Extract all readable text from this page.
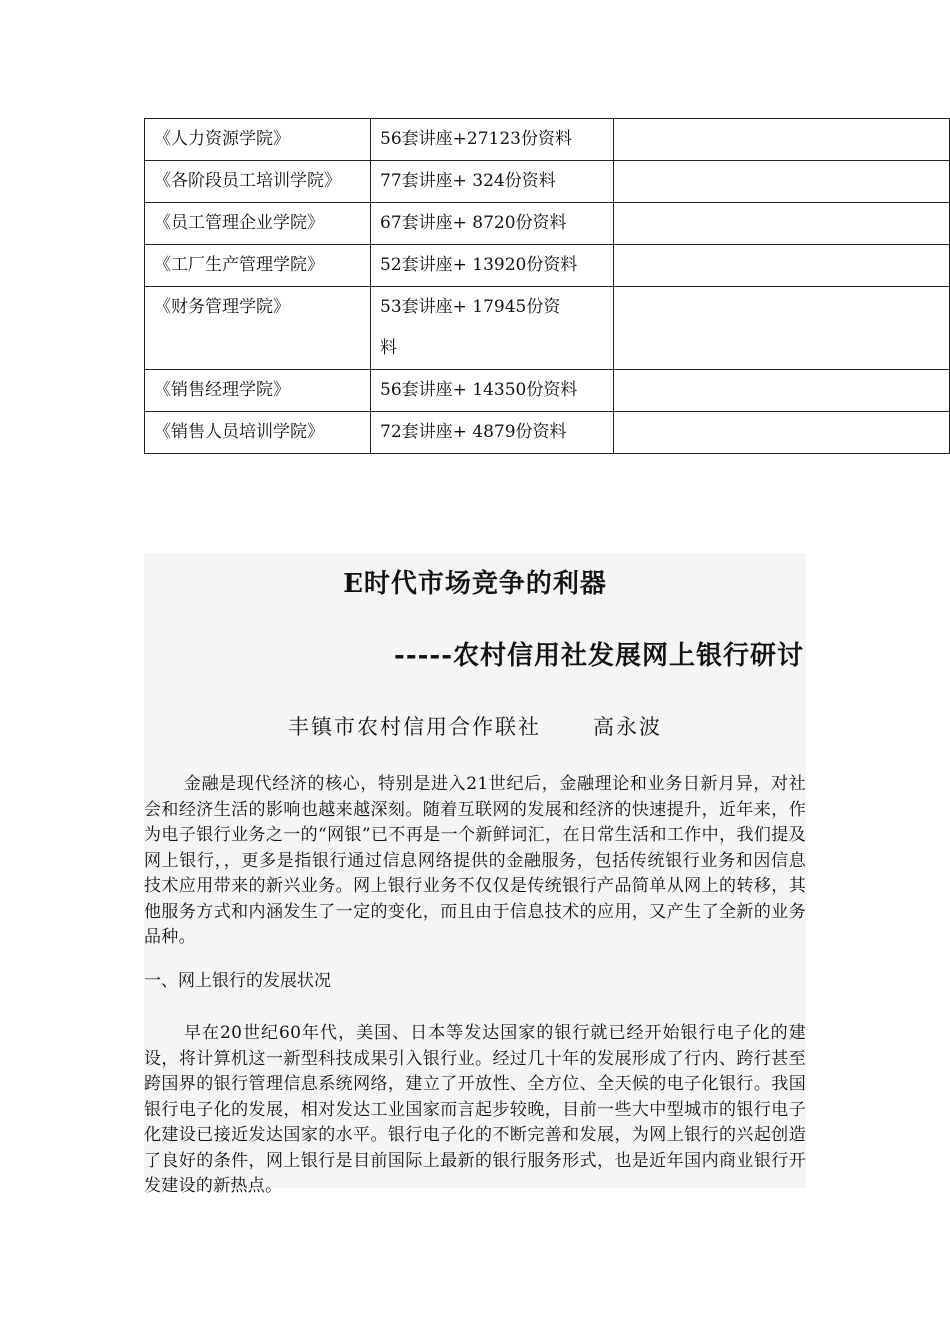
《人力资源学院》	56套讲座+27123份资料	

《各阶段员工培训学院》	77套讲座+ 324份资料	

《员工管理企业学院》	67套讲座+ 8720份资料	

《工厂生产管理学院》	52套讲座+ 13920份资料	

《财务管理学院》	53套讲座+ 17945份资料	

《销售经理学院》	56套讲座+ 14350份资料	

《销售人员培训学院》	72套讲座+ 4879份资料	

E时代市场竞争的利器
-----农村信用社发展网上银行研讨
丰镇市农村信用合作联社      高永波
金融是现代经济的核心，特别是进入21世纪后，金融理论和业务日新月异，对社会和经济生活的影响也越来越深刻。随着互联网的发展和经济的快速提升，近年来，作为电子银行业务之一的“网银”已不再是一个新鲜词汇，在日常生活和工作中，我们提及网上银行，，更多是指银行通过信息网络提供的金融服务，包括传统银行业务和因信息技术应用带来的新兴业务。网上银行业务不仅仅是传统银行产品简单从网上的转移，其他服务方式和内涵发生了一定的变化，而且由于信息技术的应用，又产生了全新的业务品种。
一、网上银行的发展状况
早在20世纪60年代，美国、日本等发达国家的银行就已经开始银行电子化的建设，将计算机这一新型科技成果引入银行业。经过几十年的发展形成了行内、跨行甚至跨国界的银行管理信息系统网络，建立了开放性、全方位、全天候的电子化银行。我国银行电子化的发展，相对发达工业国家而言起步较晚，目前一些大中型城市的银行电子化建设已接近发达国家的水平。银行电子化的不断完善和发展，为网上银行的兴起创造了良好的条件，网上银行是目前国际上最新的银行服务形式，也是近年国内商业银行开发建设的新热点。
